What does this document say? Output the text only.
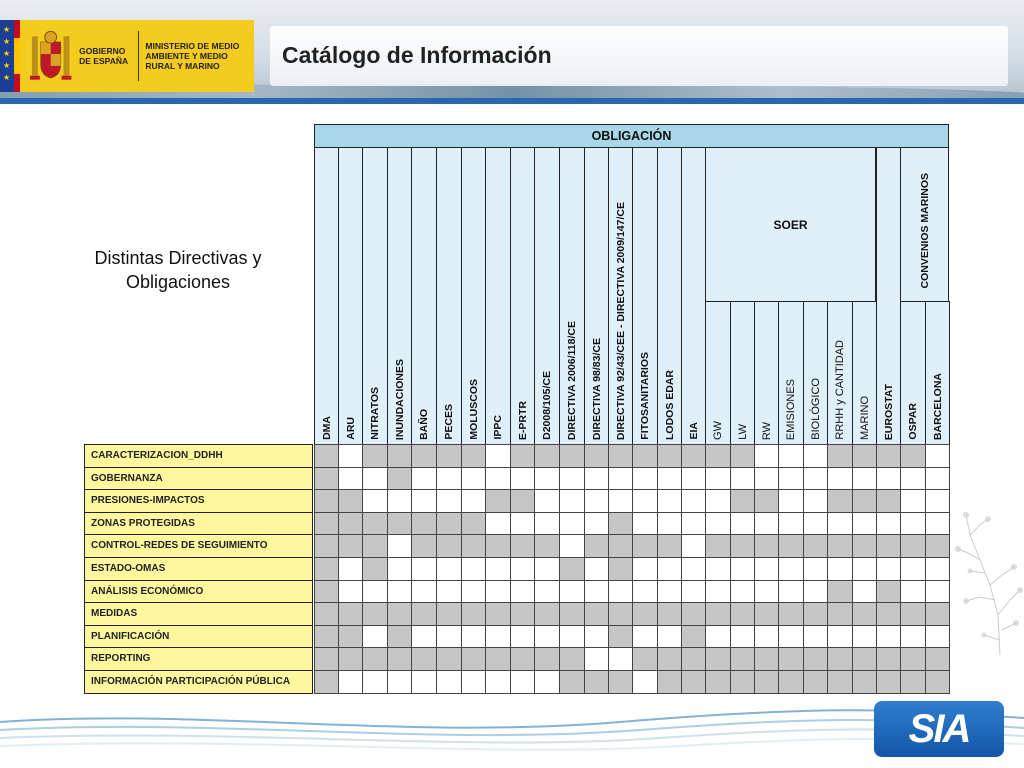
★
★
★
★
★
GOBIERNO DE ESPAÑA
MINISTERIO DE MEDIO AMBIENTE Y MEDIO RURAL Y MARINO	Catálogo de Información
Distintas Directivas y Obligaciones
OBLIGACIÓN
SOER	CONVENIOS MARINOS
DMA ARU NITRATOS INUNDACIONES BAÑO PECES MOLUSCOS IPPC E-PRTR D2008/105/CE DIRECTIVA 2006/118/CE DIRECTIVA 98/83/CE DIRECTIVA 92/43/CEE - DIRECTIVA 2009/147/CE FITOSANITARIOS LODOS EDAR EIA GW LW RW EMISIONES BIOLÓGICO RRHH y CANTIDAD MARINO EUROSTAT OSPAR BARCELONA
CARACTERIZACION_DDHH
GOBERNANZA
PRESIONES-IMPACTOS
ZONAS PROTEGIDAS
CONTROL-REDES DE SEGUIMIENTO
ESTADO-OMAS
ANÁLISIS ECONÓMICO
MEDIDAS
PLANIFICACIÓN
REPORTING
INFORMACIÓN PARTICIPACIÓN PÚBLICA
SIA
